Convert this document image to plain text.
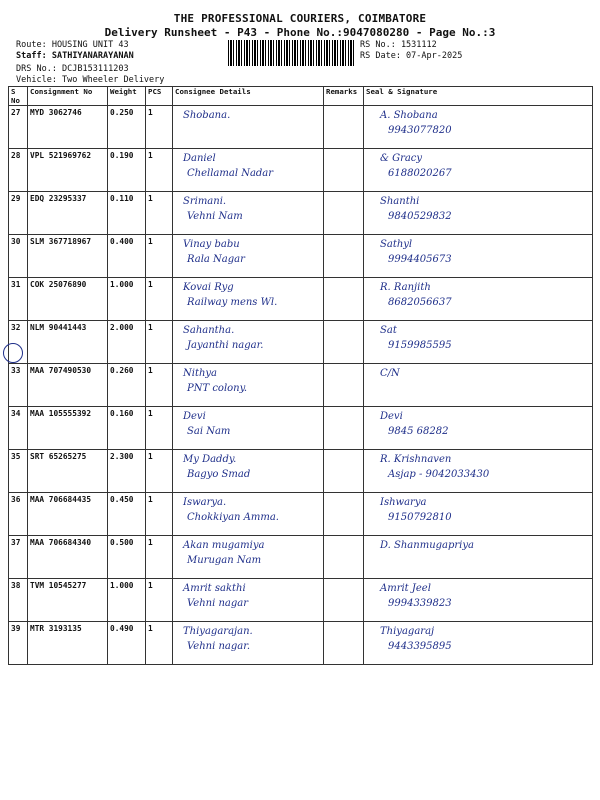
THE PROFESSIONAL COURIERS, COIMBATORE
Delivery Runsheet - P43 - Phone No.:9047080280 - Page No.:3
Route: HOUSING UNIT 43
Staff: SATHIYANARAYANAN
DRS No.: DCJB153111203
Vehicle: Two Wheeler Delivery
RS No.: 1531112
RS Date: 07-Apr-2025
S No	Consignment No	Weight	PCS	Consignee Details	Remarks	Seal & Signature
27	MYD 3062746	0.250	1	Shobana.		A. Shobana
9943077820

28	VPL 521969762	0.190	1	Daniel
Chellamal Nadar		& Gracy
6188020267

29	EDQ 23295337	0.110	1	Srimani.
Vehni Nam		Shanthi
9840529832

30	SLM 367718967	0.400	1	Vinay babu
Rala Nagar		Sathyl
9994405673

31	COK 25076890	1.000	1	Kovai Ryg
Railway mens Wl.		R. Ranjith
8682056637

32	NLM 90441443	2.000	1	Sahantha.
Jayanthi nagar.		Sat
9159985595

33	MAA 707490530	0.260	1	Nithya
PNT colony.		C/N

34	MAA 105555392	0.160	1	Devi
Sai Nam		Devi
9845 68282

35	SRT 65265275	2.300	1	My Daddy.
Bagyo Smad		R. Krishnaven
Asjap - 9042033430

36	MAA 706684435	0.450	1	Iswarya.
Chokkiyan Amma.		Ishwarya
9150792810

37	MAA 706684340	0.500	1	Akan mugamiya
Murugan Nam		D. Shanmugapriya

38	TVM 10545277	1.000	1	Amrit sakthi
Vehni nagar		Amrit Jeel
9994339823

39	MTR 3193135	0.490	1	Thiyagarajan.
Vehni nagar.		Thiyagaraj
9443395895
